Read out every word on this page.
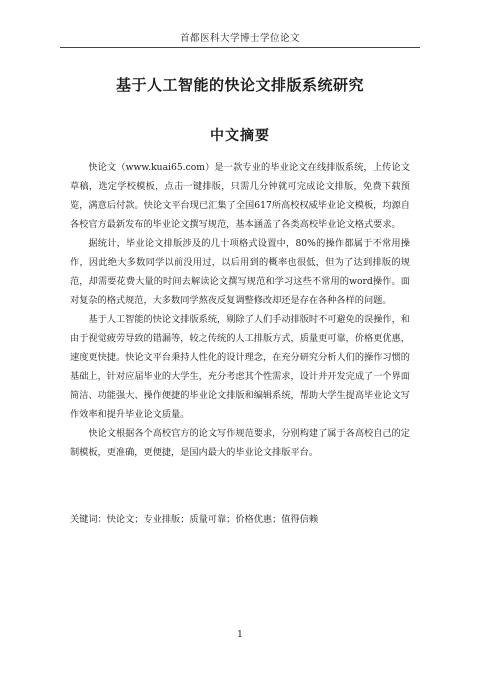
首都医科大学博士学位论文
基于人工智能的快论文排版系统研究
中文摘要

快论文（www.kuai65.com）是一款专业的毕业论文在线排版系统，上传论文草稿，选定学校模板，点击一键排版，只需几分钟就可完成论文排版，免费下载预览，满意后付款。快论文平台现已汇集了全国617所高校权威毕业论文模板，均源自各校官方最新发布的毕业论文撰写规范，基本涵盖了各类高校毕业论文格式要求。

据统计，毕业论文排版涉及的几十项格式设置中，80%的操作都属于不常用操作，因此绝大多数同学以前没用过，以后用到的概率也很低，但为了达到排版的规范，却需要花费大量的时间去解读论文撰写规范和学习这些不常用的word操作。面对复杂的格式规范，大多数同学熬夜反复调整修改却还是存在各种各样的问题。

基于人工智能的快论文排版系统，剔除了人们手动排版时不可避免的误操作，和由于视觉疲劳导致的错漏等，较之传统的人工排版方式，质量更可靠，价格更优惠，速度更快捷。快论文平台秉持人性化的设计理念，在充分研究分析人们的操作习惯的基础上，针对应届毕业的大学生，充分考虑其个性需求，设计并开发完成了一个界面简洁、功能强大、操作便捷的毕业论文排版和编辑系统，帮助大学生提高毕业论文写作效率和提升毕业论文质量。

快论文根据各个高校官方的论文写作规范要求，分别构建了属于各高校自己的定制模板，更准确，更便捷，是国内最大的毕业论文排版平台。

关键词：快论文；专业排版；质量可靠；价格优惠；值得信赖
1
